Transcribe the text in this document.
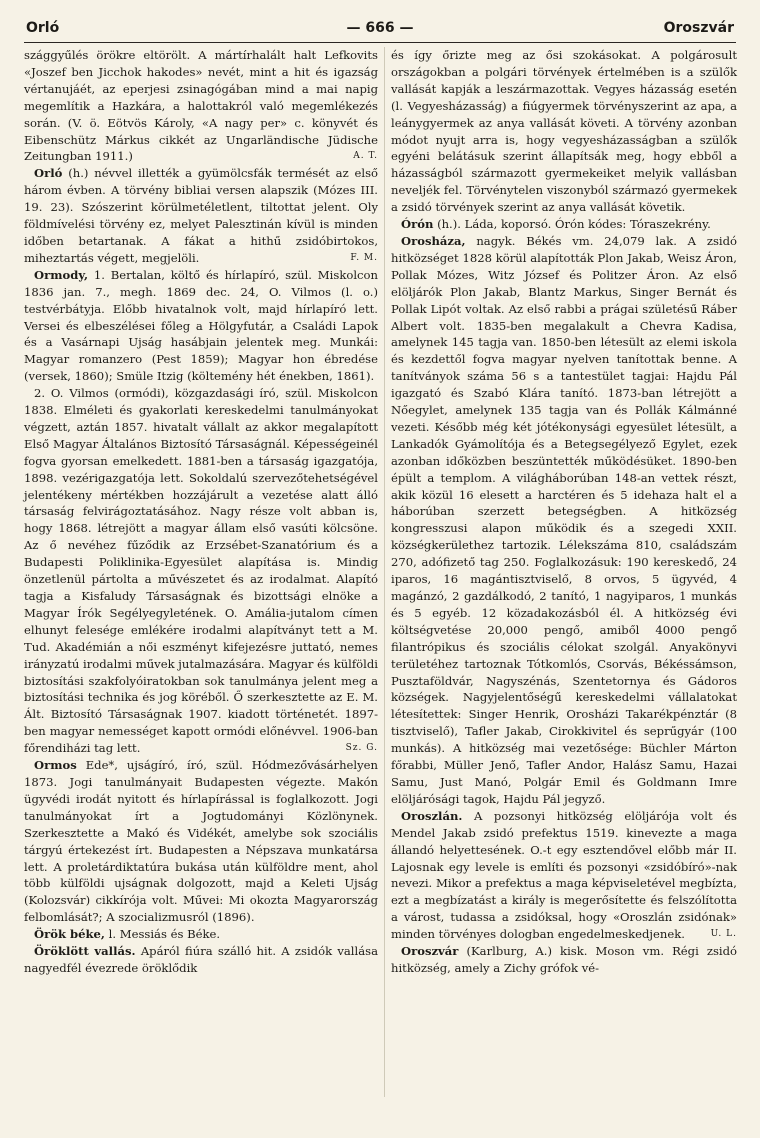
Orló	— 666 —	Oroszvár

szággyűlés örökre eltörölt. A mártírhalált halt Lefkovits «Joszef ben Jicchok hakodes» nevét, mint a hit és igazság vértanujáét, az eperjesi zsinagógában mind a mai napig megemlítik a Hazkára, a halottakról való megemlékezés során. (V. ö. Eötvös Károly, «A nagy per» c. könyvét és Eibenschütz Márkus cikkét az Ungarländische Jüdische Zeitungban 1911.)	A. T.

Orló (h.) névvel illették a gyümölcsfák termését az első három évben. A törvény bibliai versen alapszik (Mózes III. 19. 23). Szószerint körülmetéletlent, tiltottat jelent. Oly földmívelési törvény ez, melyet Palesztinán kívül is minden időben betartanak. A fákat a hithű zsidóbirtokos, miheztartás végett, megjelöli.	F. M.

Ormody, 1. Bertalan, költő és hírlapíró, szül. Miskolcon 1836 jan. 7., megh. 1869 dec. 24, O. Vilmos (l. o.) testvérbátyja. Előbb hivatalnok volt, majd hírlapíró lett. Versei és elbeszélései főleg a Hölgyfutár, a Családi Lapok és a Vasárnapi Ujság hasábjain jelentek meg. Munkái: Magyar romanzero (Pest 1859); Magyar hon ébredése (versek, 1860); Smüle Itzig (költemény hét énekben, 1861).

2. O. Vilmos (ormódi), közgazdasági író, szül. Miskolcon 1838. Elméleti és gyakorlati kereskedelmi tanulmányokat végzett, aztán 1857. hivatalt vállalt az akkor megalapított Első Magyar Általános Biztosító Társaságnál. Képességeinél fogva gyorsan emelkedett. 1881-ben a társaság igazgatója, 1898. vezérigazgatója lett. Sokoldalú szervezőtehetségével jelentékeny mértékben hozzájárult a vezetése alatt álló társaság felvirágoztatásához. Nagy része volt abban is, hogy 1868. létrejött a magyar állam első vasúti kölcsöne. Az ő nevéhez fűződik az Erzsébet-Szanatórium és a Budapesti Poliklinika-Egyesület alapítása is. Mindig önzetlenül pártolta a művészetet és az irodalmat. Alapító tagja a Kisfaludy Társaságnak és bizottsági elnöke a Magyar Írók Segélyegyletének. O. Amália-jutalom címen elhunyt felesége emlékére irodalmi alapítványt tett a M. Tud. Akadémián a női eszményt kifejezésre juttató, nemes irányzatú irodalmi művek jutalmazására. Magyar és külföldi biztosítási szakfolyóiratokban sok tanulmánya jelent meg a biztosítási technika és jog köréből. Ő szerkesztette az E. M. Ált. Biztosító Társaságnak 1907. kiadott történetét. 1897-ben magyar nemességet kapott ormódi előnévvel. 1906-ban főrendiházi tag lett.	Sz. G.

Ormos Ede*, ujságíró, író, szül. Hódmezővásárhelyen 1873. Jogi tanulmányait Budapesten végezte. Makón ügyvédi irodát nyitott és hírlapírással is foglalkozott. Jogi tanulmányokat írt a Jogtudományi Közlönynek. Szerkesztette a Makó és Vidékét, amelybe sok szociális tárgyú értekezést írt. Budapesten a Népszava munkatársa lett. A proletárdiktatúra bukása után külföldre ment, ahol több külföldi ujságnak dolgozott, majd a Keleti Ujság (Kolozsvár) cikkírója volt. Művei: Mi okozta Magyarország felbomlását?; A szocializmusról (1896).

Örök béke, l. Messiás és Béke.

Öröklött vallás. Apáról fiúra szálló hit. A zsidók vallása nagyedfél évezrede öröklődik

és így őrizte meg az ősi szokásokat. A polgárosult országokban a polgári törvények értelmében is a szülők vallását kapják a leszármazottak. Vegyes házasság esetén (l. Vegyesházasság) a fiúgyermek törvényszerint az apa, a leánygyermek az anya vallását követi. A törvény azonban módot nyujt arra is, hogy vegyesházasságban a szülők egyéni belátásuk szerint állapítsák meg, hogy ebből a házasságból származott gyermekeiket melyik vallásban neveljék fel. Törvénytelen viszonyból származó gyermekek a zsidó törvények szerint az anya vallását követik.

Órón (h.). Láda, koporsó. Órón kódes: Tóraszekrény.

Orosháza, nagyk. Békés vm. 24,079 lak. A zsidó hitközséget 1828 körül alapították Plon Jakab, Weisz Áron, Pollak Mózes, Witz József és Politzer Áron. Az első elöljárók Plon Jakab, Blantz Markus, Singer Bernát és Pollak Lipót voltak. Az első rabbi a prágai születésű Ráber Albert volt. 1835-ben megalakult a Chevra Kadisa, amelynek 145 tagja van. 1850-ben létesült az elemi iskola és kezdettől fogva magyar nyelven tanítottak benne. A tanítványok száma 56 s a tantestület tagjai: Hajdu Pál igazgató és Szabó Klára tanító. 1873-ban létrejött a Nőegylet, amelynek 135 tagja van és Pollák Kálmánné vezeti. Később még két jótékonysági egyesület létesült, a Lankadók Gyámolítója és a Betegsegélyező Egylet, ezek azonban időközben beszüntették működésüket. 1890-ben épült a templom. A világháborúban 148-an vettek részt, akik közül 16 elesett a harctéren és 5 idehaza halt el a háborúban szerzett betegségben. A hitközség kongresszusi alapon működik és a szegedi XXII. községkerülethez tartozik. Lélekszáma 810, családszám 270, adófizető tag 250. Foglalkozásuk: 190 kereskedő, 24 iparos, 16 magántisztviselő, 8 orvos, 5 ügyvéd, 4 magánzó, 2 gazdálkodó, 2 tanító, 1 nagyiparos, 1 munkás és 5 egyéb. 12 közadakozásból él. A hitközség évi költségvetése 20,000 pengő, amiből 4000 pengő filantrópikus és szociális célokat szolgál. Anyakönyvi területéhez tartoznak Tótkomlós, Csorvás, Békéssámson, Pusztaföldvár, Nagyszénás, Szentetornya és Gádoros községek. Nagyjelentőségű kereskedelmi vállalatokat létesítettek: Singer Henrik, Orosházi Takarékpénztár (8 tisztviselő), Tafler Jakab, Cirokkivitel és seprűgyár (100 munkás). A hitközség mai vezetősége: Büchler Márton főrabbi, Müller Jenő, Tafler Andor, Halász Samu, Hazai Samu, Just Manó, Polgár Emil és Goldmann Imre elöljárósági tagok, Hajdu Pál jegyző.

Oroszlán. A pozsonyi hitközség elöljárója volt és Mendel Jakab zsidó prefektus 1519. kinevezte a maga állandó helyettesének. O.-t egy esztendővel előbb már II. Lajosnak egy levele is említi és pozsonyi «zsidóbíró»-nak nevezi. Mikor a prefektus a maga képviseletével megbízta, ezt a megbízatást a király is megerősítette és felszólította a várost, tudassa a zsidóksal, hogy «Oroszlán zsidónak» minden törvényes dologban engedelmeskedjenek.	U. L.

Oroszvár (Karlburg, A.) kisk. Moson vm. Régi zsidó hitközség, amely a Zichy grófok vé-
